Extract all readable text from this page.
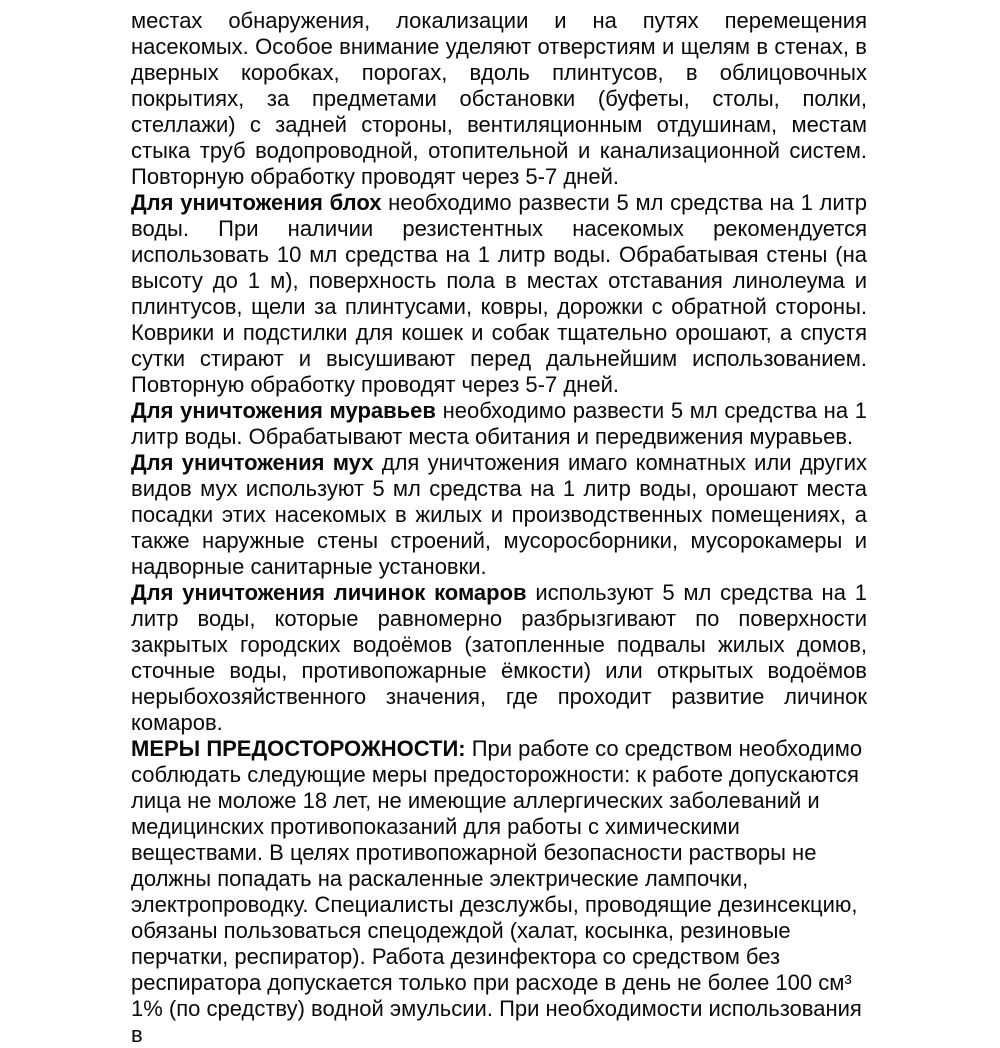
местах обнаружения, локализации и на путях перемещения насекомых. Особое внимание уделяют отверстиям и щелям в стенах, в дверных коробках, порогах, вдоль плинтусов, в облицовочных покрытиях, за предметами обстановки (буфеты, столы, полки, стеллажи) с задней стороны, вентиляционным отдушинам, местам стыка труб водопроводной, отопительной и канализационной систем. Повторную обработку проводят через 5-7 дней.

Для уничтожения блох необходимо развести 5 мл средства на 1 литр воды. При наличии резистентных насекомых рекомендуется использовать 10 мл средства на 1 литр воды. Обрабатывая стены (на высоту до 1 м), поверхность пола в местах отставания линолеума и плинтусов, щели за плинтусами, ковры, дорожки с обратной стороны. Коврики и подстилки для кошек и собак тщательно орошают, а спустя сутки стирают и высушивают перед дальнейшим использованием. Повторную обработку проводят через 5-7 дней.

Для уничтожения муравьев необходимо развести 5 мл средства на 1 литр воды. Обрабатывают места обитания и передвижения муравьев.

Для уничтожения мух для уничтожения имаго комнатных или других видов мух используют 5 мл средства на 1 литр воды, орошают места посадки этих насекомых в жилых и производственных помещениях, а также наружные стены строений, мусоросборники, мусорокамеры и надворные санитарные установки.

Для уничтожения личинок комаров используют 5 мл средства на 1 литр воды, которые равномерно разбрызгивают по поверхности закрытых городских водоёмов (затопленные подвалы жилых домов, сточные воды, противопожарные ёмкости) или открытых водоёмов нерыбохозяйственного значения, где проходит развитие личинок комаров.

МЕРЫ ПРЕДОСТОРОЖНОСТИ: При работе со средством необходимо соблюдать следующие меры предосторожности: к работе допускаются лица не моложе 18 лет, не имеющие аллергических заболеваний и медицинских противопоказаний для работы с химическими веществами. В целях противопожарной безопасности растворы не должны попадать на раскаленные электрические лампочки, электропроводку. Специалисты дезслужбы, проводящие дезинсекцию, обязаны пользоваться спецодеждой (халат, косынка, резиновые перчатки, респиратор). Работа дезинфектора со средством без респиратора допускается только при расходе в день не более 100 см³ 1% (по средству) водной эмульсии. При необходимости использования в
